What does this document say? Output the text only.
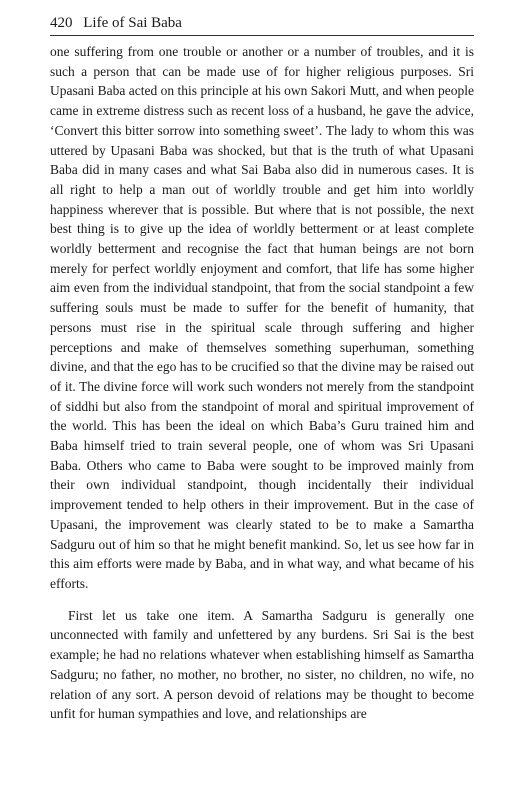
420 Life of Sai Baba

one suffering from one trouble or another or a number of troubles, and it is such a person that can be made use of for higher religious purposes. Sri Upasani Baba acted on this principle at his own Sakori Mutt, and when people came in extreme distress such as recent loss of a husband, he gave the advice, ‘Convert this bitter sorrow into something sweet’. The lady to whom this was uttered by Upasani Baba was shocked, but that is the truth of what Upasani Baba did in many cases and what Sai Baba also did in numerous cases. It is all right to help a man out of worldly trouble and get him into worldly happiness wherever that is possible. But where that is not possible, the next best thing is to give up the idea of worldly betterment or at least complete worldly betterment and recognise the fact that human beings are not born merely for perfect worldly enjoyment and comfort, that life has some higher aim even from the individual standpoint, that from the social standpoint a few suffering souls must be made to suffer for the benefit of humanity, that persons must rise in the spiritual scale through suffering and higher perceptions and make of themselves something superhuman, something divine, and that the ego has to be crucified so that the divine may be raised out of it. The divine force will work such wonders not merely from the standpoint of siddhi but also from the standpoint of moral and spiritual improvement of the world. This has been the ideal on which Baba’s Guru trained him and Baba himself tried to train several people, one of whom was Sri Upasani Baba. Others who came to Baba were sought to be improved mainly from their own individual standpoint, though incidentally their individual improvement tended to help others in their improvement. But in the case of Upasani, the improvement was clearly stated to be to make a Samartha Sadguru out of him so that he might benefit mankind. So, let us see how far in this aim efforts were made by Baba, and in what way, and what became of his efforts.

First let us take one item. A Samartha Sadguru is generally one unconnected with family and unfettered by any burdens. Sri Sai is the best example; he had no relations whatever when establishing himself as Samartha Sadguru; no father, no mother, no brother, no sister, no children, no wife, no relation of any sort. A person devoid of relations may be thought to become unfit for human sympathies and love, and relationships are
